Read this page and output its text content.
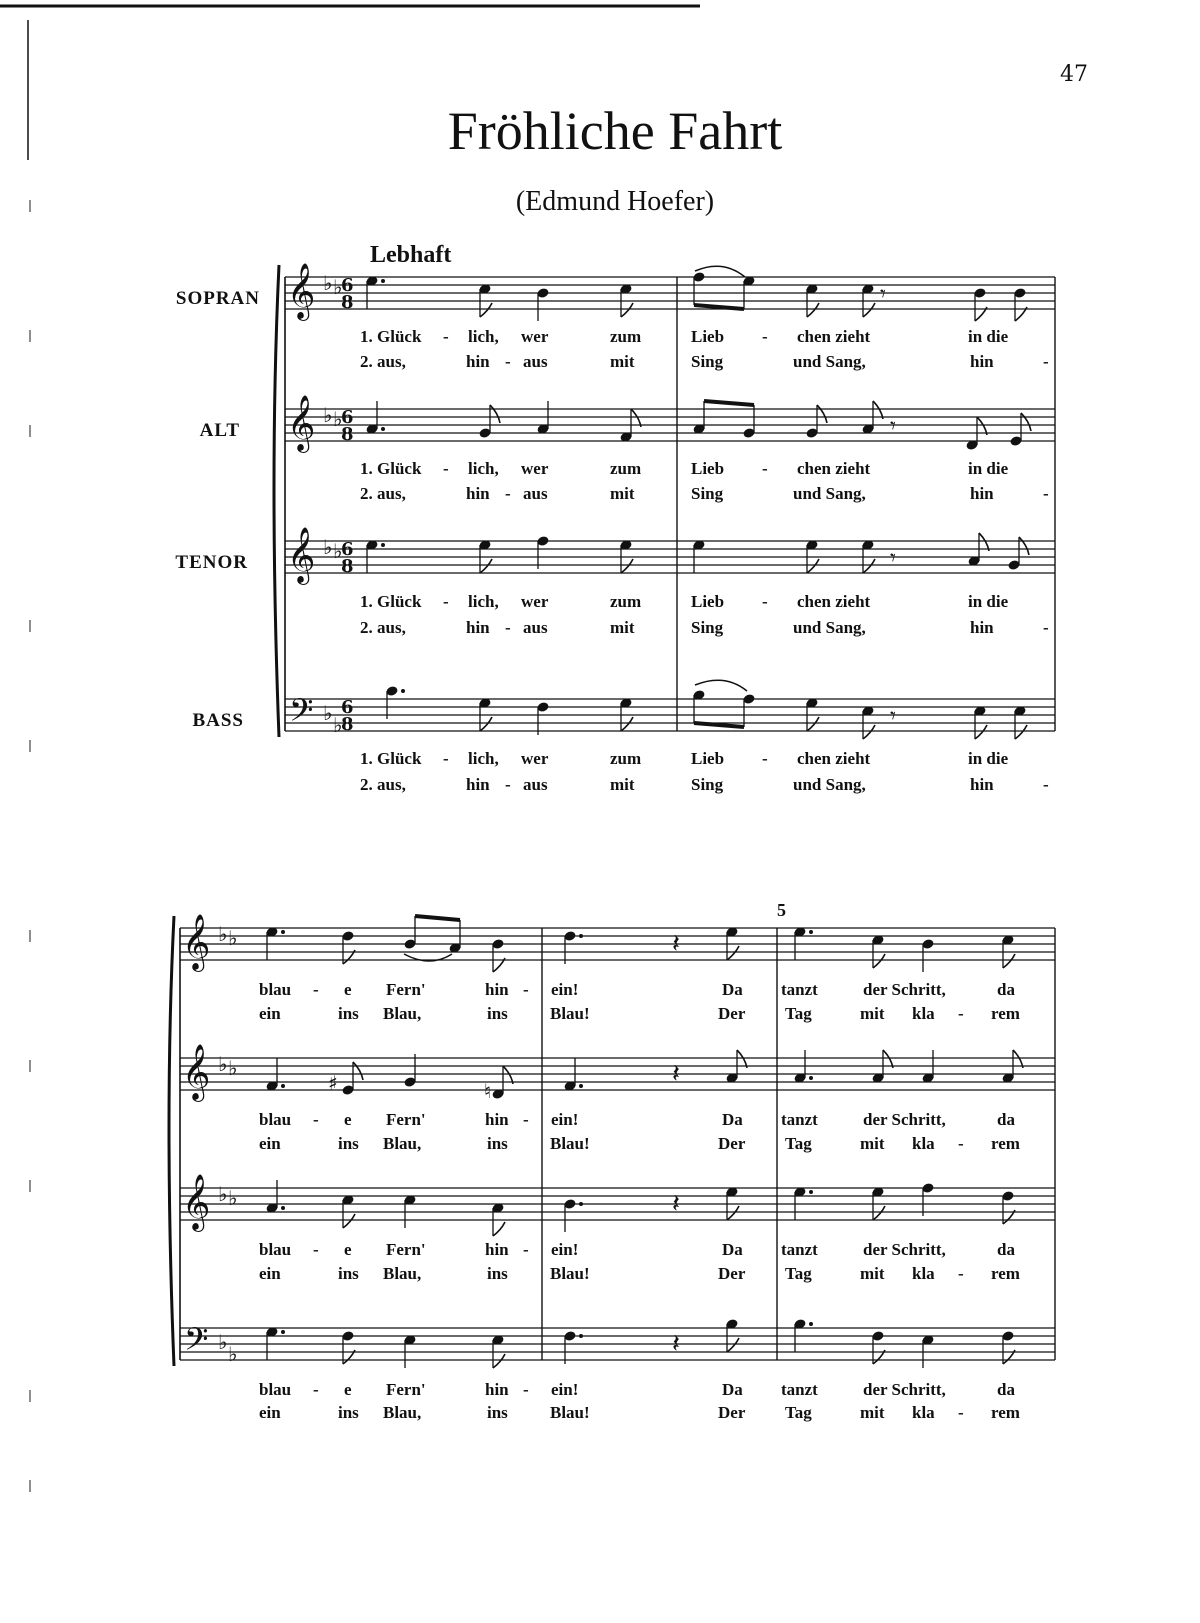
47
Fröhliche Fahrt
(Edmund Hoefer)
Lebhaft
SOPRAN
ALT
TENOR
BASS
5
𝄞 ♭ ♭
6
8
𝄞 ♭ ♭
6
8
𝄞 ♭ ♭
6
8
𝄢 ♭ ♭
6
8
𝄾
𝄾
𝄾
𝄾
𝄞 ♭ ♭
𝄞 ♭ ♭
𝄞 ♭ ♭
𝄢 ♭ ♭
𝄽
♯	♮
𝄽
𝄽
𝄽
1. Glück - lich, wer	zum	Lieb - chen zieht	in die
2. aus,	hin - aus	mit	Sing	und Sang,	hin	-
1. Glück - lich, wer	zum	Lieb - chen zieht	in die
2. aus,	hin - aus	mit	Sing	und Sang,	hin	-
1. Glück - lich, wer	zum	Lieb - chen zieht	in die
2. aus,	hin - aus	mit	Sing	und Sang,	hin	-
1. Glück - lich, wer	zum	Lieb - chen zieht	in die
2. aus,	hin - aus	mit	Sing	und Sang,	hin	-
blau - e Fern'	hin - ein!	Da tanzt	der Schritt,	da
ein	ins Blau,	ins Blau!	Der Tag	mit kla - rem
blau - e Fern'	hin - ein!	Da tanzt	der Schritt,	da
ein	ins Blau,	ins Blau!	Der Tag	mit kla - rem
blau - e Fern'	hin - ein!	Da tanzt	der Schritt,	da
ein	ins Blau,	ins Blau!	Der Tag	mit kla - rem
blau - e Fern'	hin - ein!	Da tanzt	der Schritt,	da
ein	ins Blau,	ins Blau!	Der Tag	mit kla - rem
